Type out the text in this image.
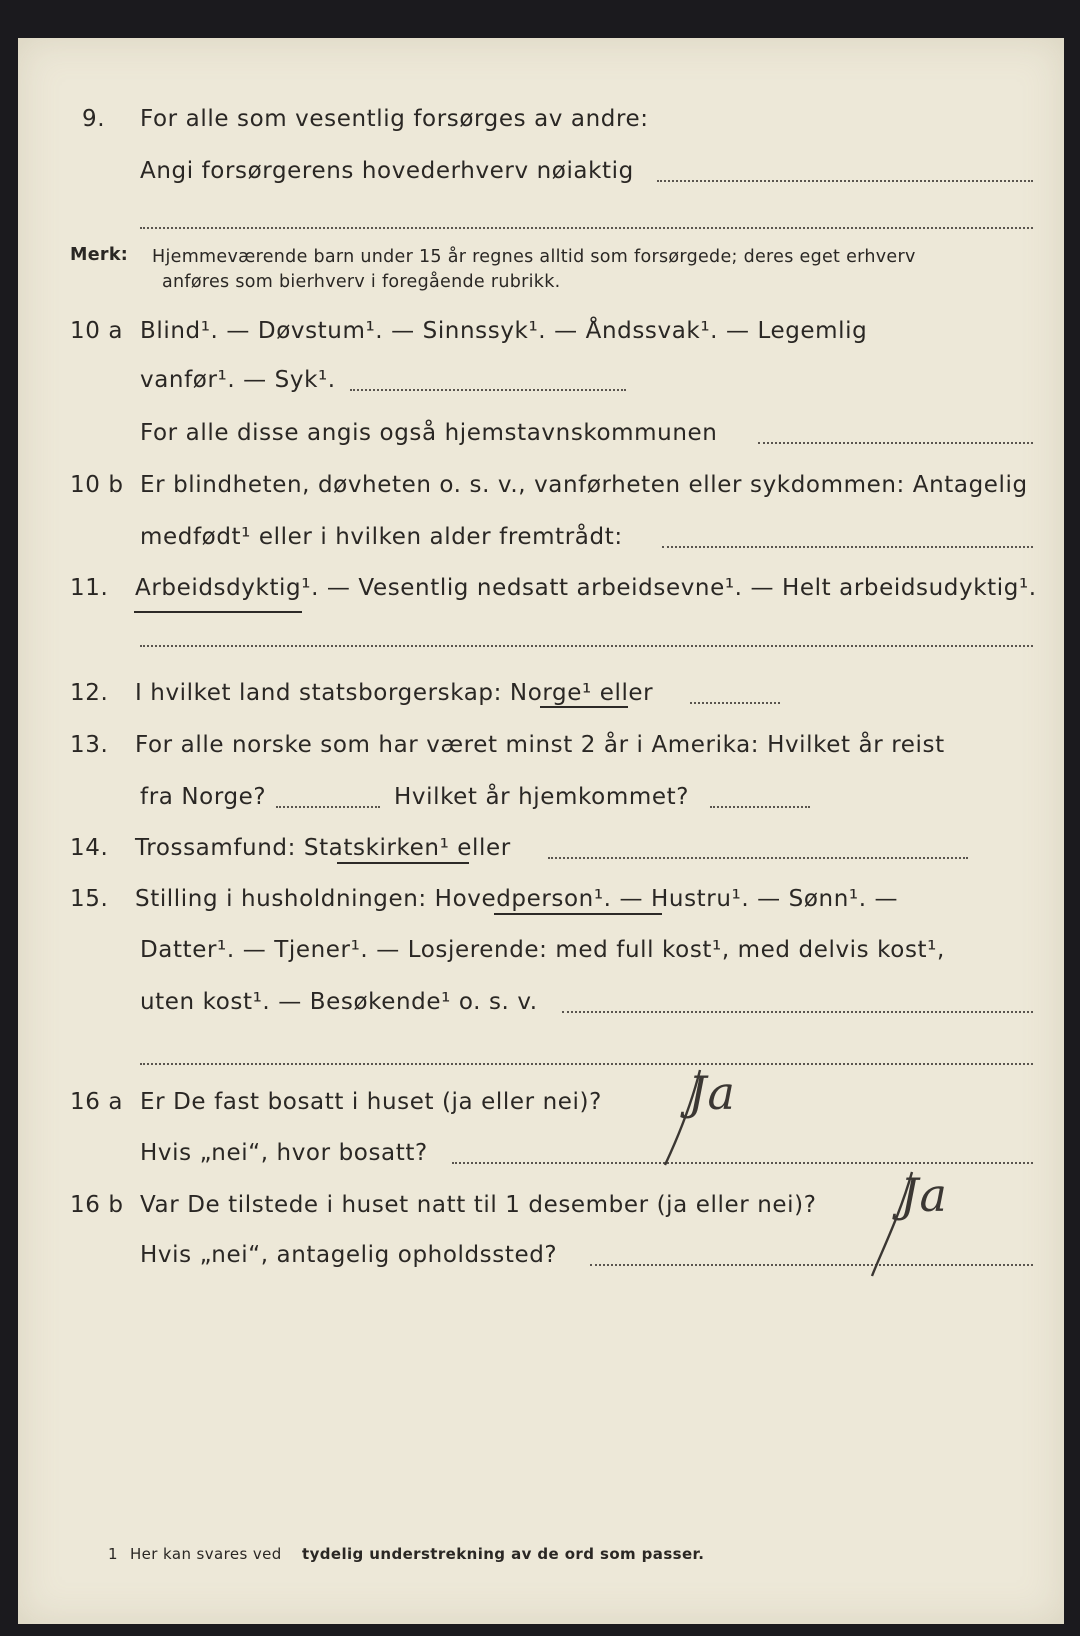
9. For alle som vesentlig forsørges av andre:
Angi forsørgerens hovederhverv nøiaktig
Merk: Hjemmeværende barn under 15 år regnes alltid som forsørgede; deres eget erhverv
anføres som bierhverv i foregående rubrikk.
10 a Blind¹. — Døvstum¹. — Sinnssyk¹. — Åndssvak¹. — Legemlig
vanfør¹. — Syk¹.
For alle disse angis også hjemstavnskommunen
10 b Er blindheten, døvheten o. s. v., vanførheten eller sykdommen: Antagelig
medfødt¹ eller i hvilken alder fremtrådt:
11. Arbeidsdyktig¹. — Vesentlig nedsatt arbeidsevne¹. — Helt arbeidsudyktig¹.
12. I hvilket land statsborgerskap: Norge¹ eller
13. For alle norske som har været minst 2 år i Amerika: Hvilket år reist
fra Norge?	Hvilket år hjemkommet?
14. Trossamfund: Statskirken¹ eller
15. Stilling i husholdningen: Hovedperson¹. — Hustru¹. — Sønn¹. —
Datter¹. — Tjener¹. — Losjerende: med full kost¹, med delvis kost¹,
uten kost¹. — Besøkende¹ o. s. v.
16 a Er De fast bosatt i huset (ja eller nei)? Ja
Hvis „nei“, hvor bosatt?
16 b Var De tilstede i huset natt til 1 desember (ja eller nei)? Ja
Hvis „nei“, antagelig opholdssted?
1 Her kan svares ved tydelig understrekning av de ord som passer.
